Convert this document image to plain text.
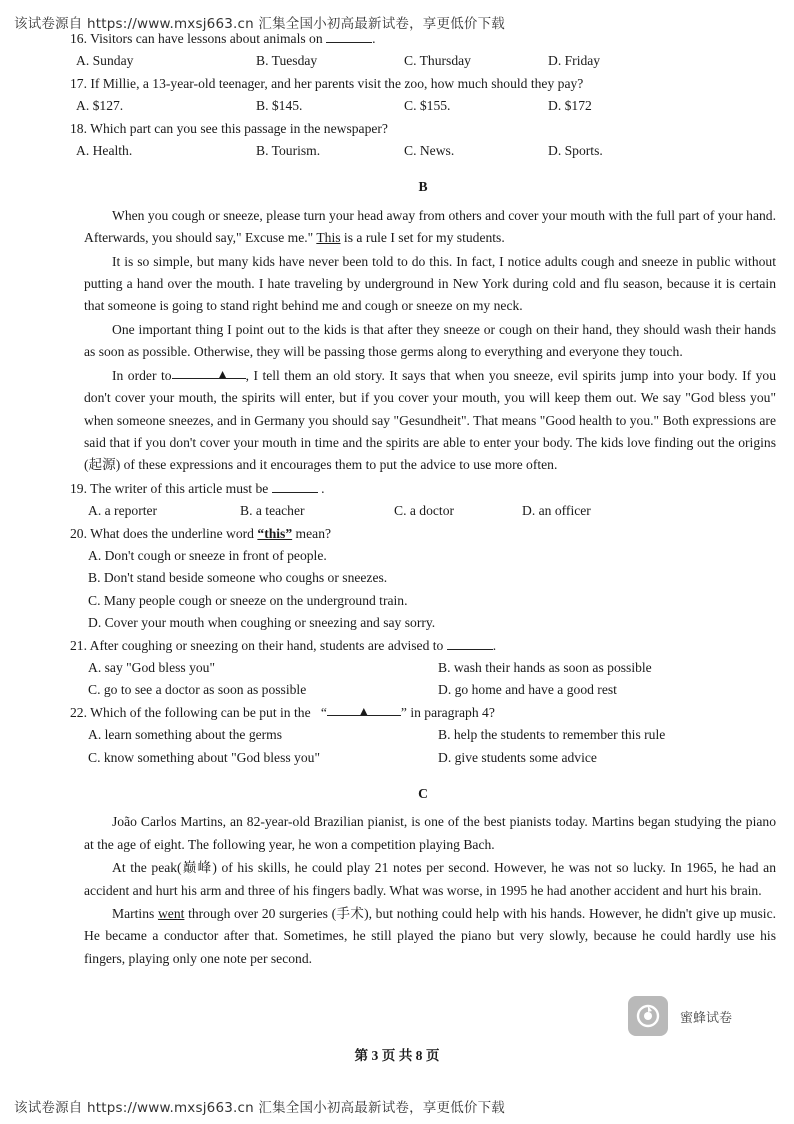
该试卷源自 https://www.mxsj663.cn 汇集全国小初高最新试卷，享更低价下载

16. Visitors can have lessons about animals on	.

A. Sunday	B. Tuesday	C. Thursday	D. Friday

17. If Millie, a 13-year-old teenager, and her parents visit the zoo, how much should they pay?

A. $127.	B. $145.	C. $155.	D. $172

18. Which part can you see this passage in the newspaper?

A. Health.	B. Tourism.	C. News.	D. Sports.
B

When you cough or sneeze, please turn your head away from others and cover your mouth with the full part of your hand. Afterwards, you should say," Excuse me." This is a rule I set for my students.

It is so simple, but many kids have never been told to do this. In fact, I notice adults cough and sneeze in public without putting a hand over the mouth. I hate traveling by underground in New York during cold and flu season, because it is certain that someone is going to stand right behind me and cough or sneeze on my neck.

One important thing I point out to the kids is that after they sneeze or cough on their hand, they should wash their hands as soon as possible. Otherwise, they will be passing those germs along to everything and everyone they touch.

In order to	▲ , I tell them an old story. It says that when you sneeze, evil spirits jump into your body. If you don't cover your mouth, the spirits will enter, but if you cover your mouth, you will keep them out. We say "God bless you" when someone sneezes, and in Germany you should say "Gesundheit". That means "Good health to you." Both expressions are said that if you don't cover your mouth in time and the spirits are able to enter your body. The kids love finding out the origins (起源) of these expressions and it encourages them to put the advice to use more often.

19. The writer of this article must be	.

A. a reporter	B. a teacher	C. a doctor	D. an officer

20. What does the underline word “this” mean?

A. Don't cough or sneeze in front of people.
B. Don't stand beside someone who coughs or sneezes.
C. Many people cough or sneeze on the underground train.
D. Cover your mouth when coughing or sneezing and say sorry.

21. After coughing or sneezing on their hand, students are advised to	.

A. say "God bless you"	B. wash their hands as soon as possible
C. go to see a doctor as soon as possible	D. go home and have a good rest

22. Which of the following can be put in the “	▲ ” in paragraph 4?

A. learn something about the germs	B. help the students to remember this rule
C. know something about "God bless you"	D. give students some advice
C

João Carlos Martins, an 82-year-old Brazilian pianist, is one of the best pianists today. Martins began studying the piano at the age of eight. The following year, he won a competition playing Bach.

At the peak(巅峰) of his skills, he could play 21 notes per second. However, he was not so lucky. In 1965, he had an accident and hurt his arm and three of his fingers badly. What was worse, in 1995 he had another accident and hurt his brain.

Martins went through over 20 surgeries (手术), but nothing could help with his hands. However, he didn't give up music. He became a conductor after that. Sometimes, he still played the piano but very slowly, because he could hardly use his fingers, playing only one note per second.

第 3 页 共 8 页
蜜蜂试卷
该试卷源自 https://www.mxsj663.cn 汇集全国小初高最新试卷，享更低价下载
